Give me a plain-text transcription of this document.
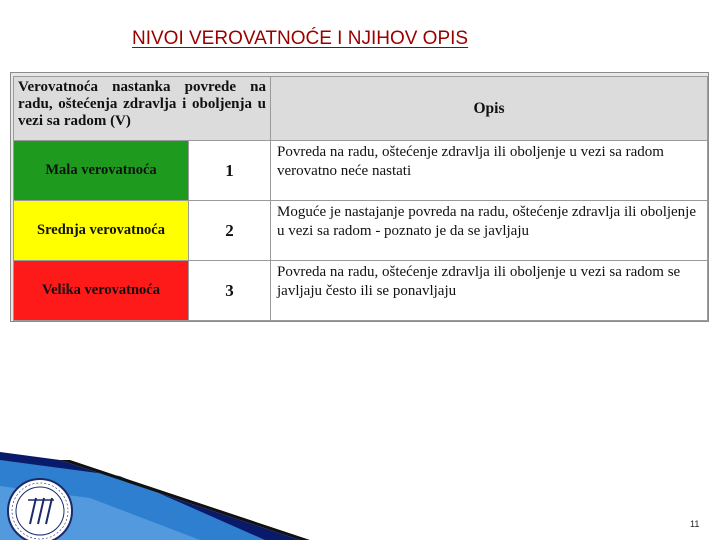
NIVOI VEROVATNOĆE I NJIHOV OPIS
Verovatnoća nastanka povrede na radu, oštećenja zdravlja i oboljenja u vezi sa radom (V)		Opis
Mala verovatnoća	1	Povreda na radu, oštećenje zdravlja ili oboljenje u vezi sa radom verovatno neće nastati
Srednja verovatnoća	2	Moguće je nastajanje povreda na radu, oštećenje zdravlja ili oboljenje u vezi sa radom - poznato je da se javljaju
Velika verovatnoća	3	Povreda na radu, oštećenje zdravlja ili oboljenje u vezi sa radom se javljaju često ili se ponavljaju
11
